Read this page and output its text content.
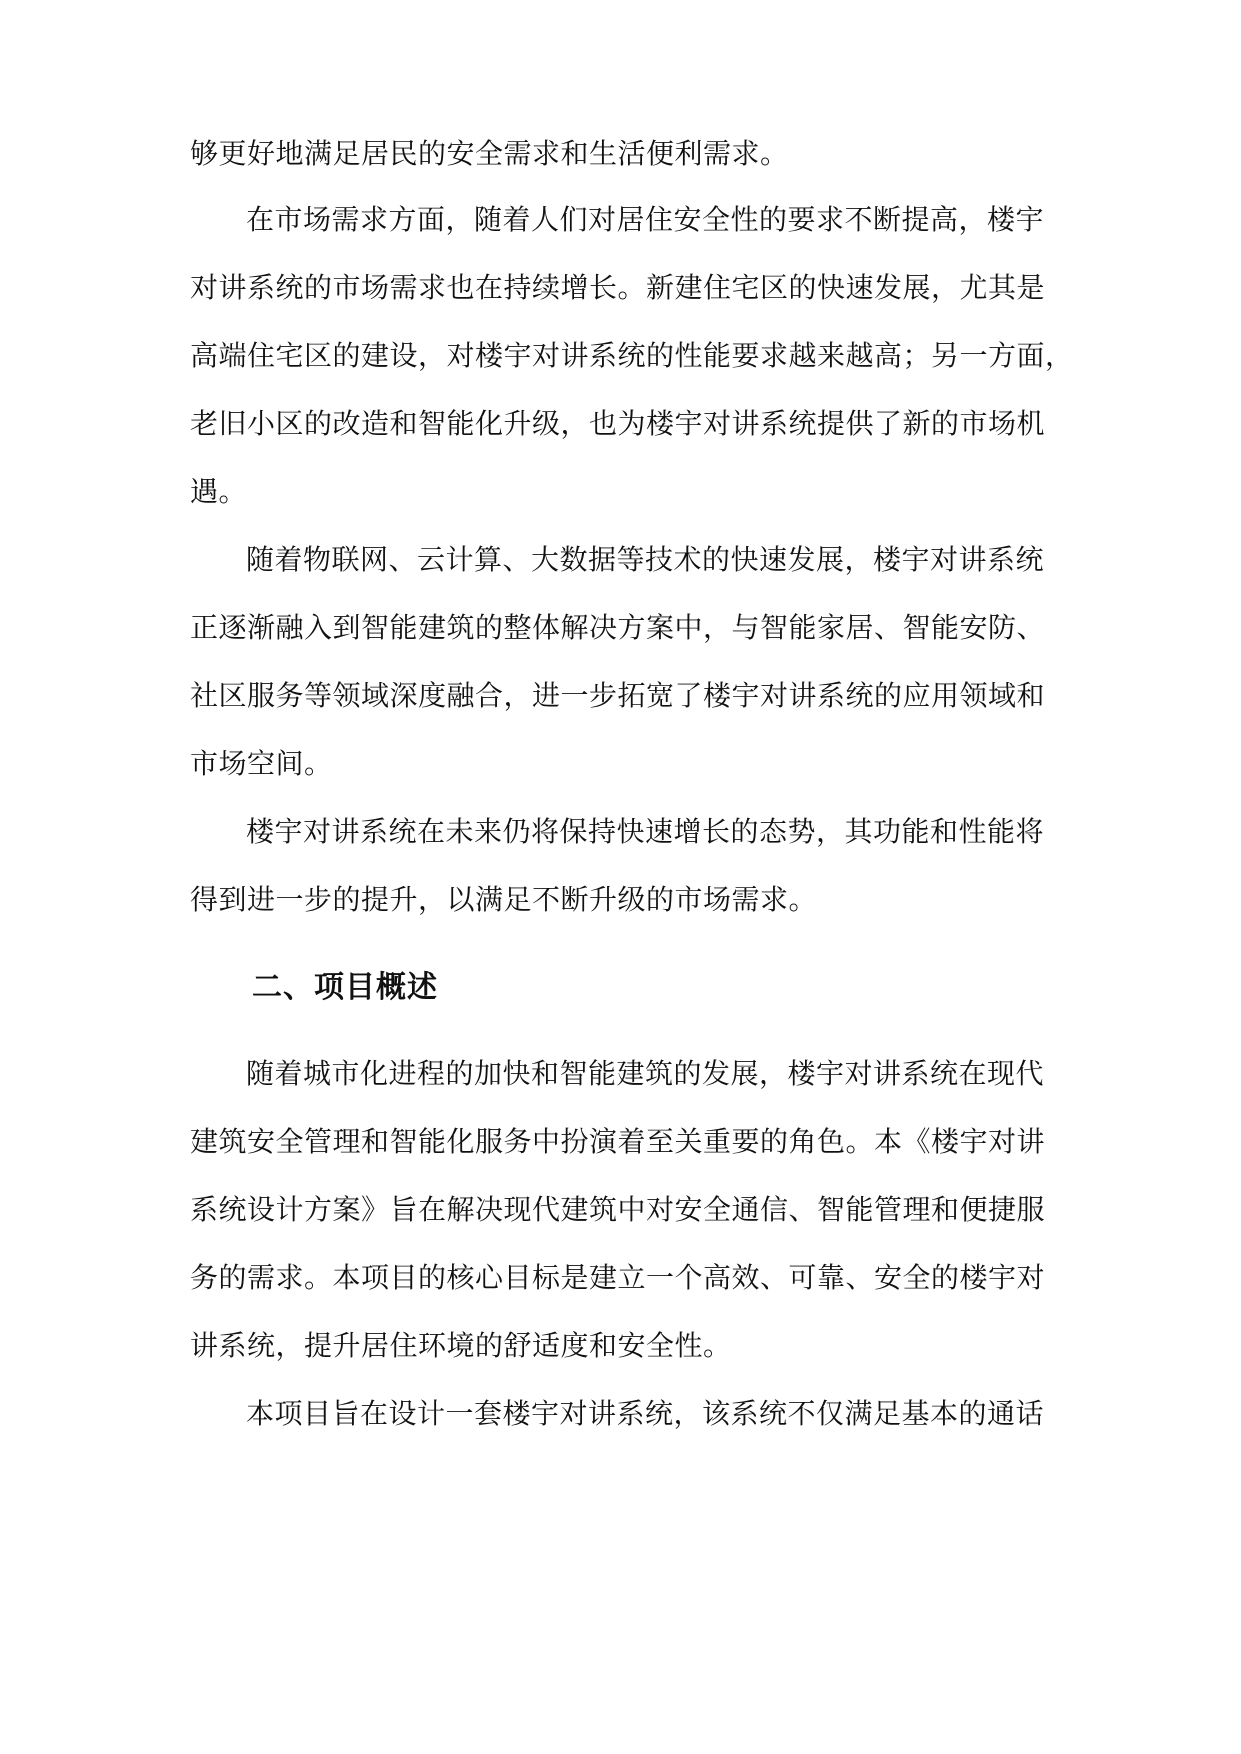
够更好地满足居民的安全需求和生活便利需求。
在市场需求方面，随着人们对居住安全性的要求不断提高，楼宇
对讲系统的市场需求也在持续增长。新建住宅区的快速发展，尤其是
高端住宅区的建设，对楼宇对讲系统的性能要求越来越高；另一方面，
老旧小区的改造和智能化升级，也为楼宇对讲系统提供了新的市场机
遇。
随着物联网、云计算、大数据等技术的快速发展，楼宇对讲系统
正逐渐融入到智能建筑的整体解决方案中，与智能家居、智能安防、
社区服务等领域深度融合，进一步拓宽了楼宇对讲系统的应用领域和
市场空间。
楼宇对讲系统在未来仍将保持快速增长的态势，其功能和性能将
得到进一步的提升，以满足不断升级的市场需求。
二、项目概述
随着城市化进程的加快和智能建筑的发展，楼宇对讲系统在现代
建筑安全管理和智能化服务中扮演着至关重要的角色。本《楼宇对讲
系统设计方案》旨在解决现代建筑中对安全通信、智能管理和便捷服
务的需求。本项目的核心目标是建立一个高效、可靠、安全的楼宇对
讲系统，提升居住环境的舒适度和安全性。
本项目旨在设计一套楼宇对讲系统，该系统不仅满足基本的通话
